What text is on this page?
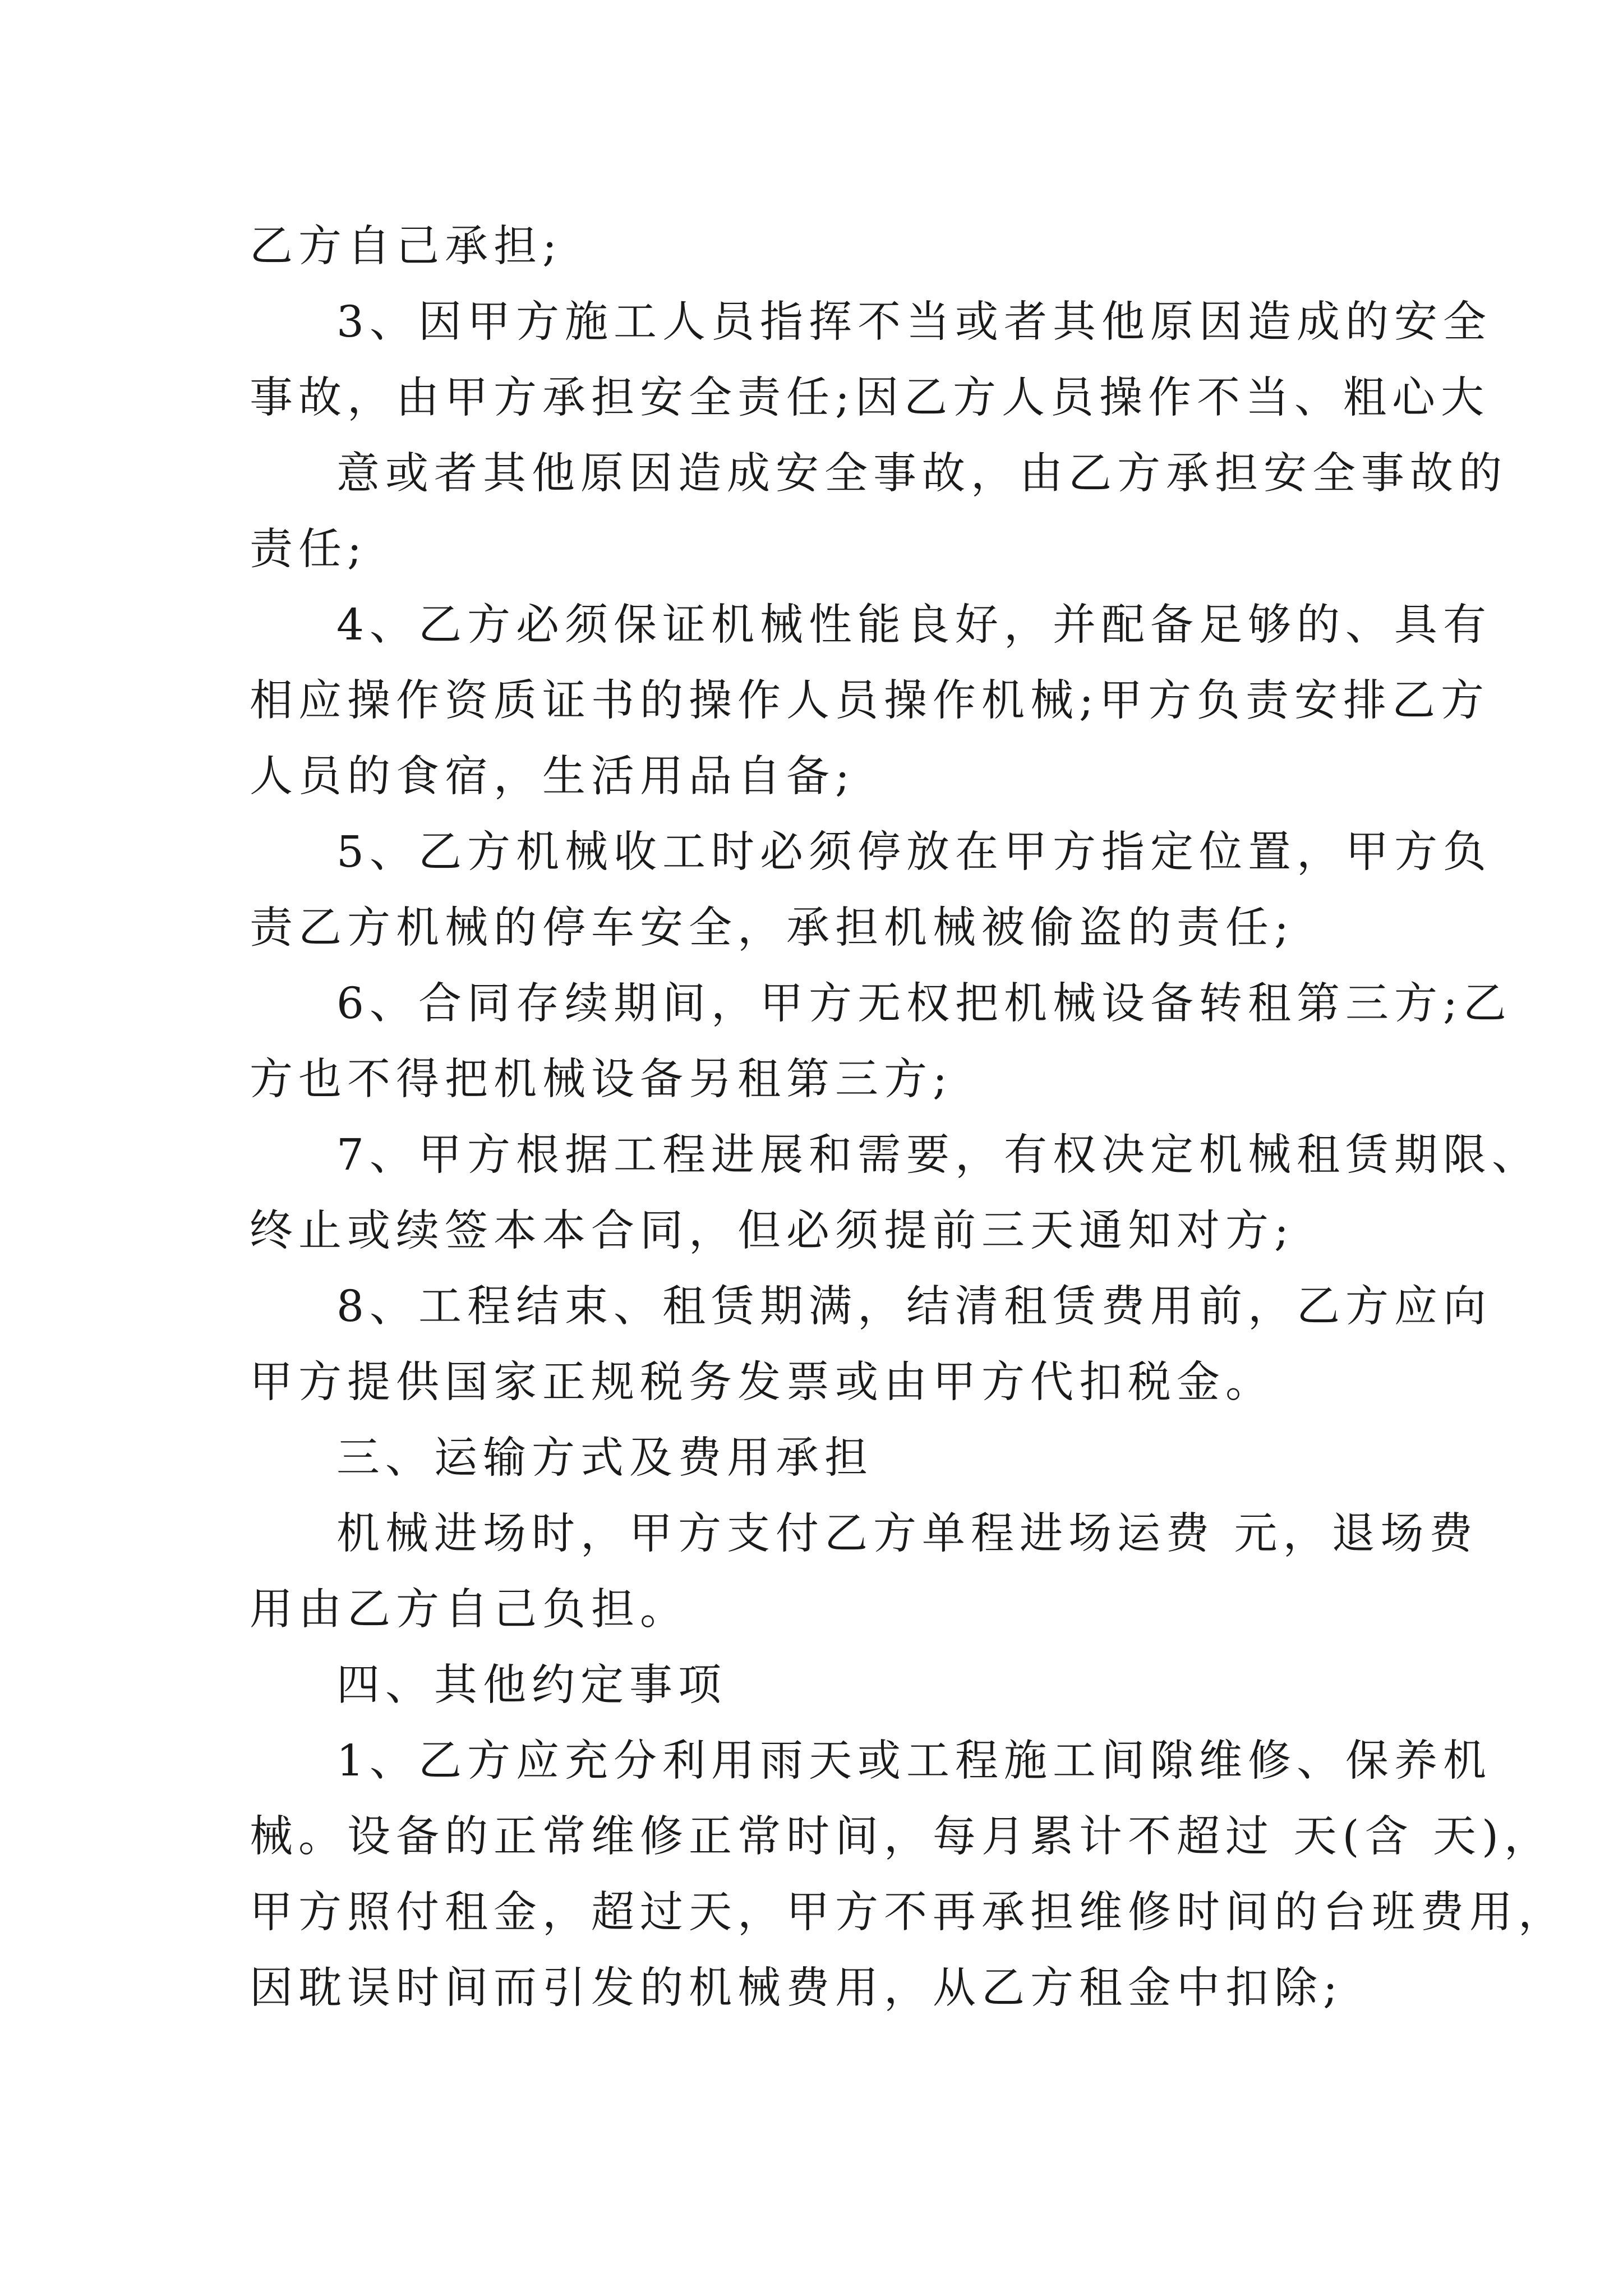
乙方自己承担;
3、因甲方施工人员指挥不当或者其他原因造成的安全
事故，由甲方承担安全责任;因乙方人员操作不当、粗心大
意或者其他原因造成安全事故，由乙方承担安全事故的
责任;
4、乙方必须保证机械性能良好，并配备足够的、具有
相应操作资质证书的操作人员操作机械;甲方负责安排乙方
人员的食宿，生活用品自备;
5、乙方机械收工时必须停放在甲方指定位置，甲方负
责乙方机械的停车安全，承担机械被偷盗的责任;
6、合同存续期间，甲方无权把机械设备转租第三方;乙
方也不得把机械设备另租第三方;
7、甲方根据工程进展和需要，有权决定机械租赁期限、
终止或续签本本合同，但必须提前三天通知对方;
8、工程结束、租赁期满，结清租赁费用前，乙方应向
甲方提供国家正规税务发票或由甲方代扣税金。
三、运输方式及费用承担
机械进场时，甲方支付乙方单程进场运费 元，退场费
用由乙方自己负担。
四、其他约定事项
1、乙方应充分利用雨天或工程施工间隙维修、保养机
械。设备的正常维修正常时间，每月累计不超过 天(含 天)，
甲方照付租金，超过天，甲方不再承担维修时间的台班费用，
因耽误时间而引发的机械费用，从乙方租金中扣除;
